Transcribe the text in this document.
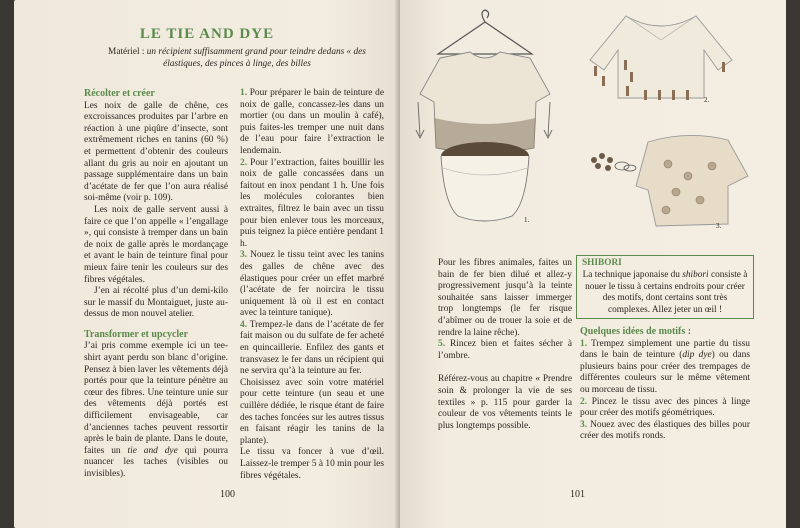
LE TIE AND DYE
Matériel : un récipient suffisamment grand pour teindre dedans « des élastiques, des pinces à linge, des billes
Récolter et créer

Les noix de galle de chêne, ces excroissances produites par l’arbre en réaction à une piqûre d’insecte, sont extrêmement riches en tanins (60 %) et permettent d’obtenir des couleurs allant du gris au noir en ajoutant un passage supplémentaire dans un bain d’acétate de fer que l’on aura réalisé soi-même (voir p. 109).

Les noix de galle servent aussi à faire ce que l’on appelle « l’engallage », qui consiste à tremper dans un bain de noix de galle après le mordançage et avant le bain de teinture final pour mieux faire tenir les couleurs sur des fibres végétales.

J’en ai récolté plus d’un demi-kilo sur le massif du Montaiguet, juste au-dessus de mon nouvel atelier.

Transformer et upcycler

J’ai pris comme exemple ici un tee-shirt ayant perdu son blanc d’origine. Pensez à bien laver les vêtements déjà portés pour que la teinture pénètre au cœur des fibres. Une teinture unie sur des vêtements déjà portés est difficilement envisageable, car d’anciennes taches peuvent ressortir après le bain de plante. Dans le doute, faites un tie and dye qui pourra nuancer les taches (visibles ou invisibles).

1. Pour préparer le bain de teinture de noix de galle, concassez-les dans un mortier (ou dans un moulin à café), puis faites-les tremper une nuit dans de l’eau pour faire l’extraction le lendemain.

2. Pour l’extraction, faites bouillir les noix de galle concassées dans un faitout en inox pendant 1 h. Une fois les molécules colorantes bien extraites, filtrez le bain avec un tissu pour bien enlever tous les morceaux, puis teignez la pièce entière pendant 1 h.

3. Nouez le tissu teint avec les tanins des galles de chêne avec des élastiques pour créer un effet marbré (l’acétate de fer noircira le tissu uniquement là où il est en contact avec la teinture tanique).

4. Trempez-le dans de l’acétate de fer fait maison ou du sulfate de fer acheté en quincaillerie. Enfilez des gants et transvasez le fer dans un récipient qui ne servira qu’à la teinture au fer.

Choisissez avec soin votre matériel pour cette teinture (un seau et une cuillère dédiée, le risque étant de faire des taches foncées sur les autres tissus en faisant réagir les tanins de la plante).

Le tissu va foncer à vue d’œil. Laissez-le tremper 5 à 10 min pour les fibres végétales.

100
1.
2.
3.

Pour les fibres animales, faites un bain de fer bien dilué et allez-y progressivement jusqu’à la teinte souhaitée sans laisser immerger trop longtemps (le fer risque d’abîmer ou de trouer la soie et de rendre la laine rêche).

5. Rincez bien et faites sécher à l’ombre.

Référez-vous au chapitre « Prendre soin & prolonger la vie de ses textiles » p. 115 pour garder la couleur de vos vêtements teints le plus longtemps possible.

SHIBORI
La technique japonaise du shibori consiste à nouer le tissu à certains endroits pour créer des motifs, dont certains sont très complexes. Allez jeter un œil !
Quelques idées de motifs :

1. Trempez simplement une partie du tissu dans le bain de teinture (dip dye) ou dans plusieurs bains pour créer des trempages de différentes couleurs sur le même vêtement ou morceau de tissu.

2. Pincez le tissu avec des pinces à linge pour créer des motifs géométriques.

3. Nouez avec des élastiques des billes pour créer des motifs ronds.

101
